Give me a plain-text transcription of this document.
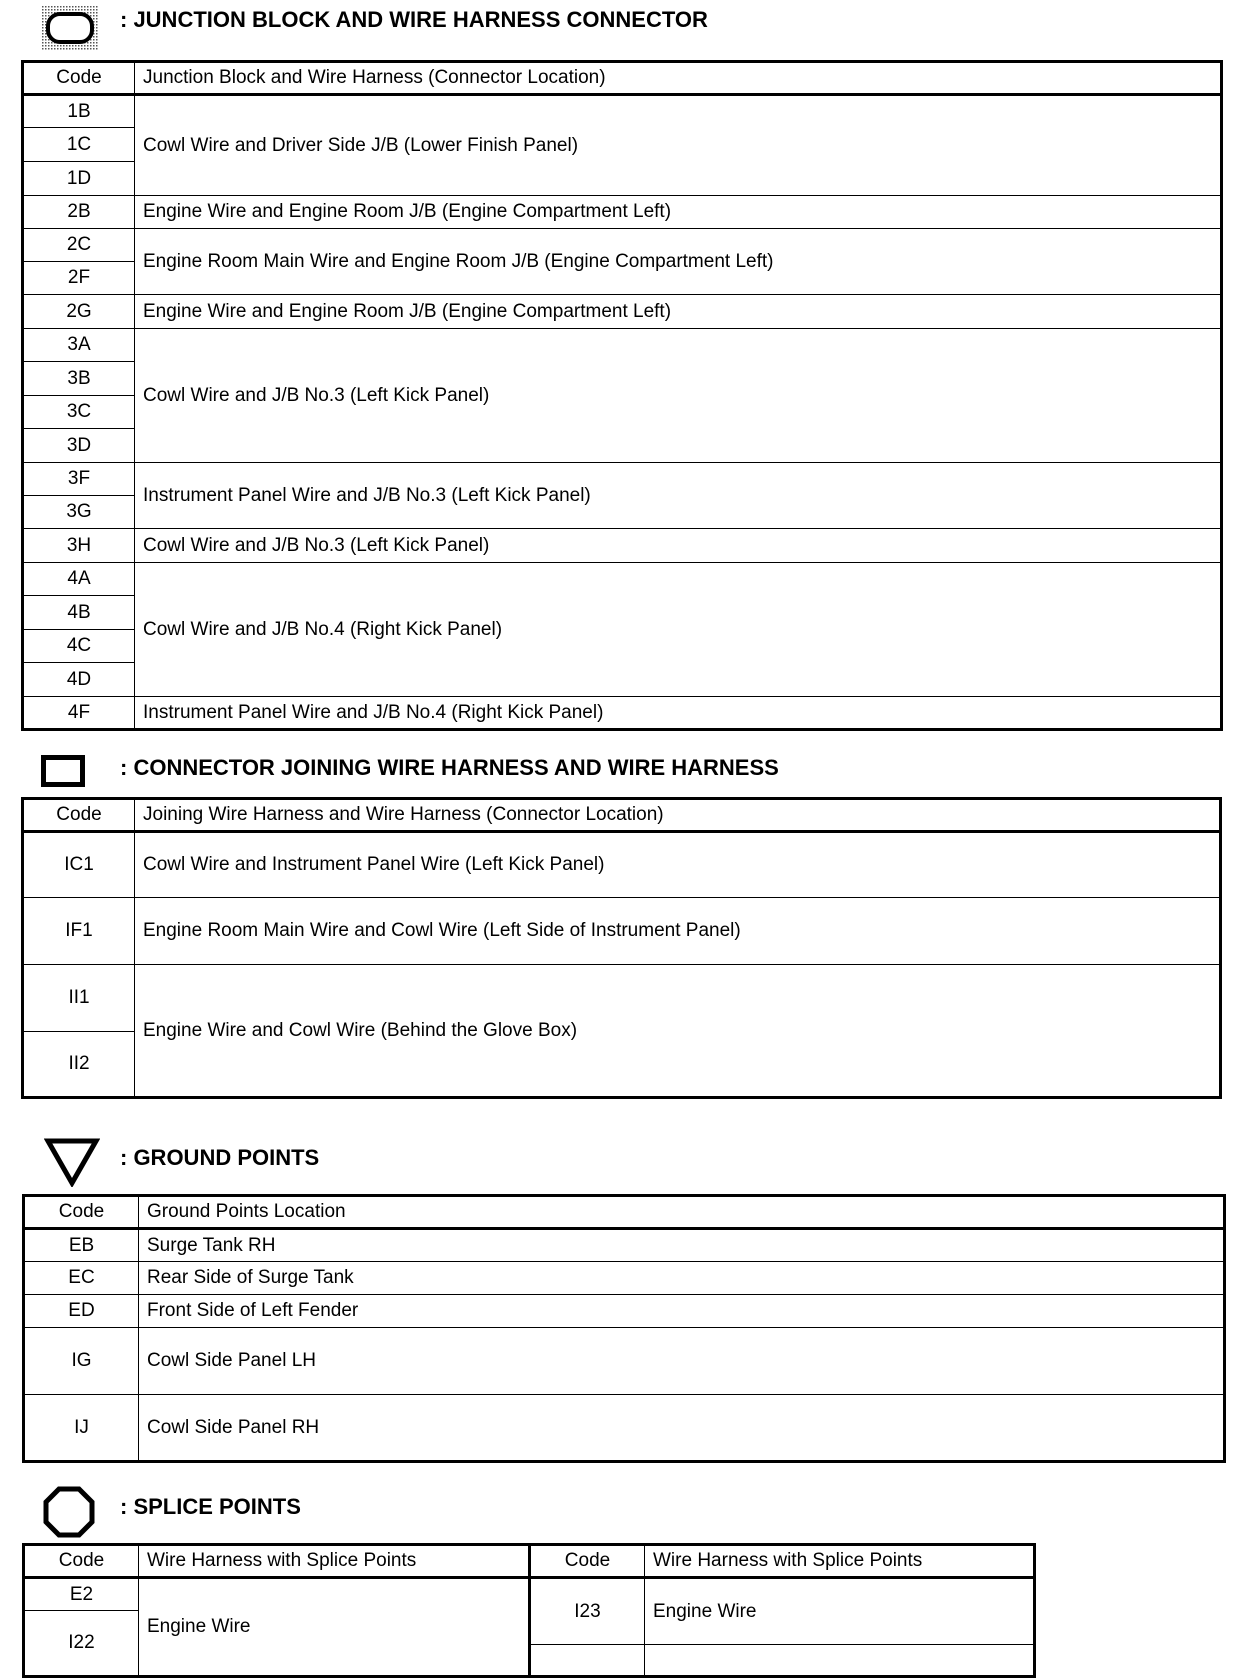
: JUNCTION BLOCK AND WIRE HARNESS CONNECTOR
Code	Junction Block and Wire Harness (Connector Location)
1B	Cowl Wire and Driver Side J/B (Lower Finish Panel)
1C	
1D	
2B	Engine Wire and Engine Room J/B (Engine Compartment Left)
2C	Engine Room Main Wire and Engine Room J/B (Engine Compartment Left)
2F	
2G	Engine Wire and Engine Room J/B (Engine Compartment Left)
3A	Cowl Wire and J/B No.3 (Left Kick Panel)
3B	
3C	
3D	
3F	Instrument Panel Wire and J/B No.3 (Left Kick Panel)
3G	
3H	Cowl Wire and J/B No.3 (Left Kick Panel)
4A	Cowl Wire and J/B No.4 (Right Kick Panel)
4B	
4C	
4D	
4F	Instrument Panel Wire and J/B No.4 (Right Kick Panel)
: CONNECTOR JOINING WIRE HARNESS AND WIRE HARNESS
Code	Joining Wire Harness and Wire Harness (Connector Location)
IC1	Cowl Wire and Instrument Panel Wire (Left Kick Panel)
IF1	Engine Room Main Wire and Cowl Wire (Left Side of Instrument Panel)
II1	Engine Wire and Cowl Wire (Behind the Glove Box)
II2	
: GROUND POINTS
Code	Ground Points Location
EB	Surge Tank RH
EC	Rear Side of Surge Tank
ED	Front Side of Left Fender
IG	Cowl Side Panel LH
IJ	Cowl Side Panel RH
: SPLICE POINTS
Code	Wire Harness with Splice Points	Code	Wire Harness with Splice Points
E2	Engine Wire	I23	Engine Wire
I22			
